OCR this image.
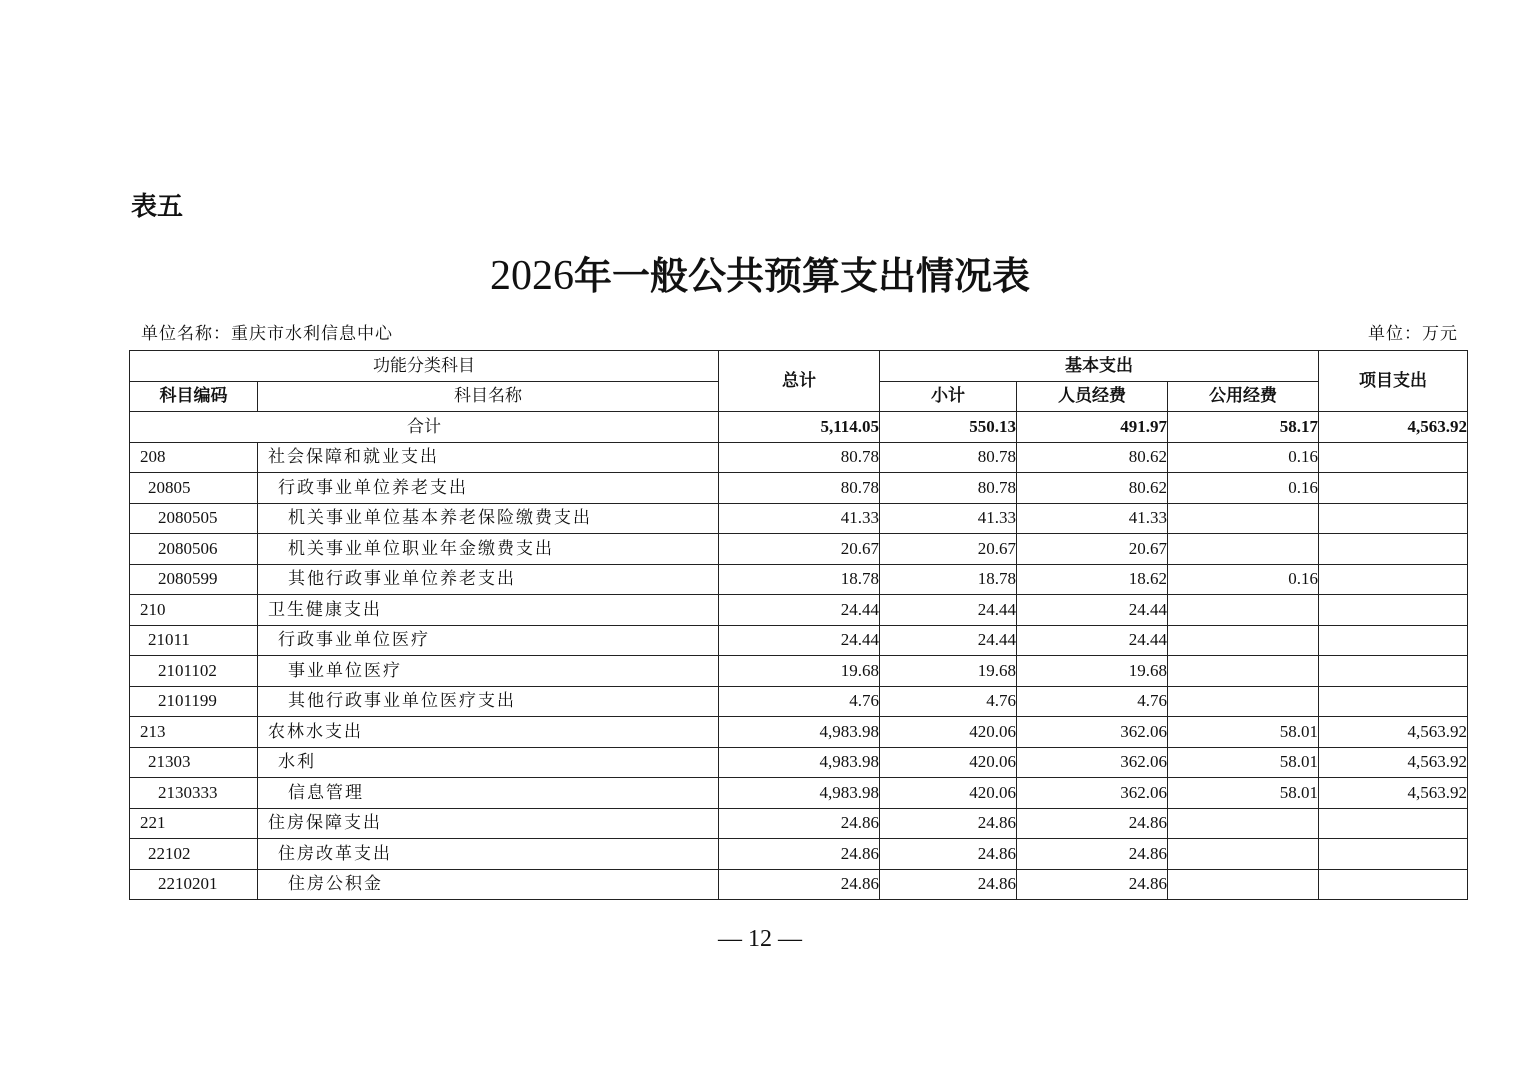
表五
2026年一般公共预算支出情况表
单位名称：重庆市水利信息中心	单位：万元
功能分类科目		总计	基本支出			项目支出
科目编码	科目名称		小计	人员经费	公用经费	
合计		5,114.05	550.13	491.97	58.17	4,563.92
208	社会保障和就业支出	80.78	80.78	80.62	0.16	
20805	行政事业单位养老支出	80.78	80.78	80.62	0.16	
2080505	机关事业单位基本养老保险缴费支出	41.33	41.33	41.33		
2080506	机关事业单位职业年金缴费支出	20.67	20.67	20.67		
2080599	其他行政事业单位养老支出	18.78	18.78	18.62	0.16	
210	卫生健康支出	24.44	24.44	24.44		
21011	行政事业单位医疗	24.44	24.44	24.44		
2101102	事业单位医疗	19.68	19.68	19.68		
2101199	其他行政事业单位医疗支出	4.76	4.76	4.76		
213	农林水支出	4,983.98	420.06	362.06	58.01	4,563.92
21303	水利	4,983.98	420.06	362.06	58.01	4,563.92
2130333	信息管理	4,983.98	420.06	362.06	58.01	4,563.92
221	住房保障支出	24.86	24.86	24.86		
22102	住房改革支出	24.86	24.86	24.86		
2210201	住房公积金	24.86	24.86	24.86		
— 12 —
